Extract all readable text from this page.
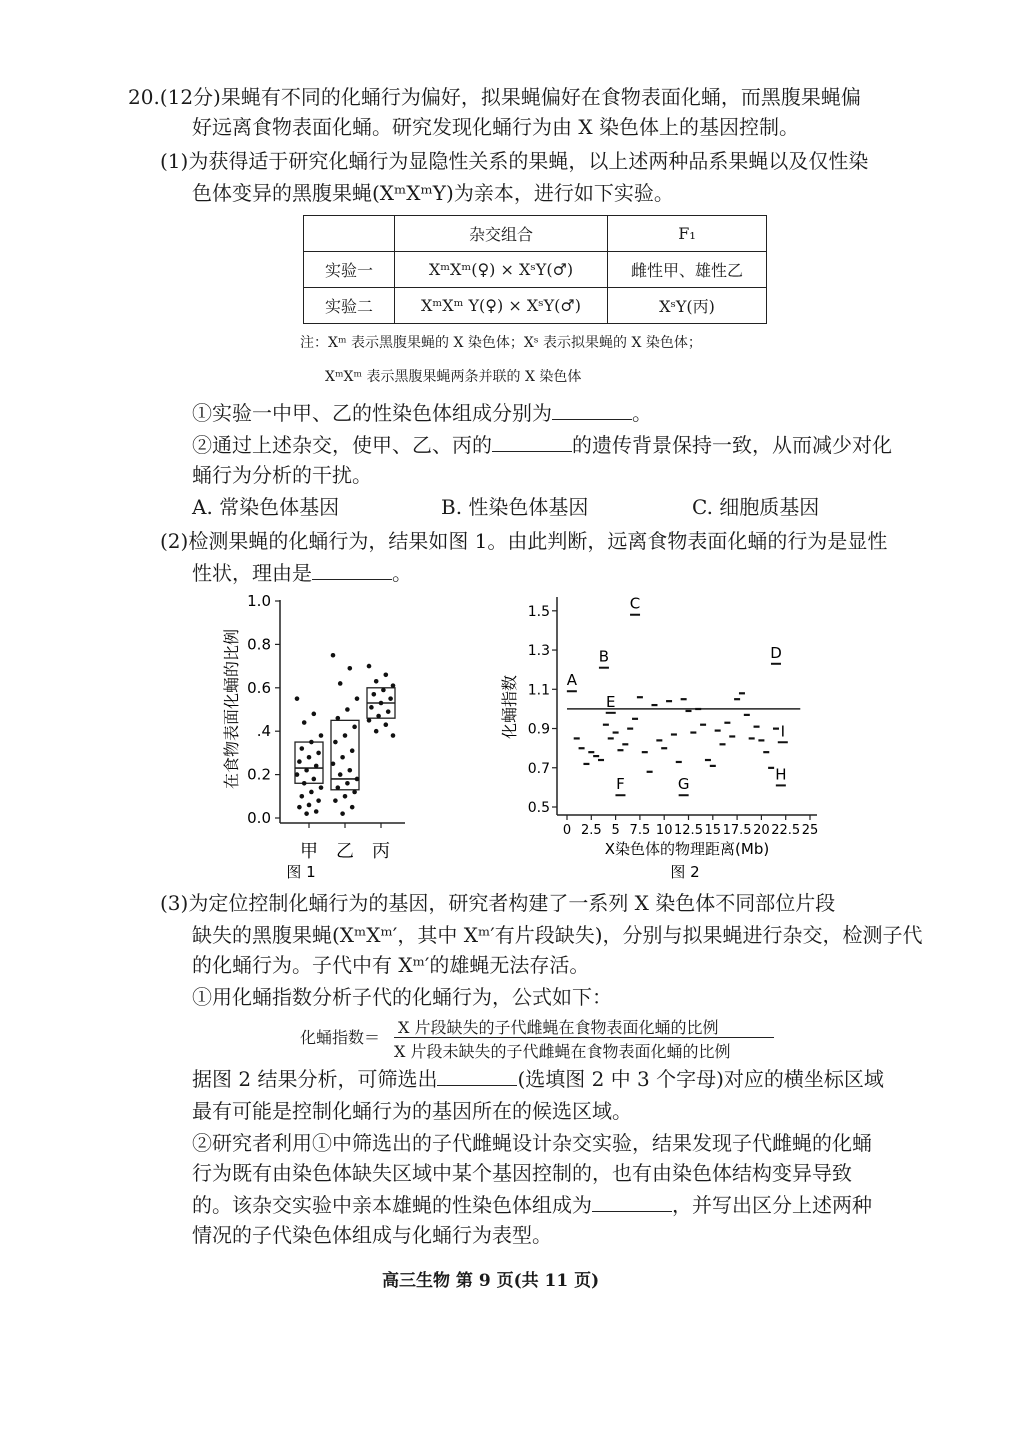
20.(12分)果蝇有不同的化蛹行为偏好，拟果蝇偏好在食物表面化蛹，而黑腹果蝇偏
好远离食物表面化蛹。研究发现化蛹行为由 X 染色体上的基因控制。
(1)为获得适于研究化蛹行为显隐性关系的果蝇，以上述两种品系果蝇以及仅性染
色体变异的黑腹果蝇(XᵐXᵐY)为亲本，进行如下实验。
	杂交组合	F₁
实验一	XᵐXᵐ(♀) × XˢY(♂)	雌性甲、雄性乙
实验二	XᵐXᵐ Y(♀) × XˢY(♂)	XˢY(丙)
注：Xᵐ 表示黑腹果蝇的 X 染色体；Xˢ 表示拟果蝇的 X 染色体；
XᵐXᵐ 表示黑腹果蝇两条并联的 X 染色体
①实验一中甲、乙的性染色体组成分别为	。
②通过上述杂交，使甲、乙、丙的	的遗传背景保持一致，从而减少对化
蛹行为分析的干扰。
A. 常染色体基因	B. 性染色体基因	C. 细胞质基因
(2)检测果蝇的化蛹行为，结果如图 1。由此判断，远离食物表面化蛹的行为是显性
性状，理由是	。
0.0
0.2
.4
0.6
0.8
1.0
甲 乙 丙
在食物表面化蛹的比例
图 1
0.5
0.7
0.9
1.1
1.3
1.5
0 2.5 5 7.5 10 12.5 15 17.5 20 22.5 25
A
B
C
D
E
F	G
H
I
化蛹指数
X染色体的物理距离(Mb)
图 2
(3)为定位控制化蛹行为的基因，研究者构建了一系列 X 染色体不同部位片段
缺失的黑腹果蝇(XᵐXᵐ′，其中 Xᵐ′有片段缺失)，分别与拟果蝇进行杂交，检测子代
的化蛹行为。子代中有 Xᵐ′的雄蝇无法存活。
①用化蛹指数分析子代的化蛹行为，公式如下：
化蛹指数＝
X 片段缺失的子代雌蝇在食物表面化蛹的比例
X 片段未缺失的子代雌蝇在食物表面化蛹的比例
据图 2 结果分析，可筛选出	(选填图 2 中 3 个字母)对应的横坐标区域
最有可能是控制化蛹行为的基因所在的候选区域。
②研究者利用①中筛选出的子代雌蝇设计杂交实验，结果发现子代雌蝇的化蛹
行为既有由染色体缺失区域中某个基因控制的，也有由染色体结构变异导致
的。该杂交实验中亲本雄蝇的性染色体组成为	，并写出区分上述两种
情况的子代染色体组成与化蛹行为表型。
高三生物 第 9 页(共 11 页)
